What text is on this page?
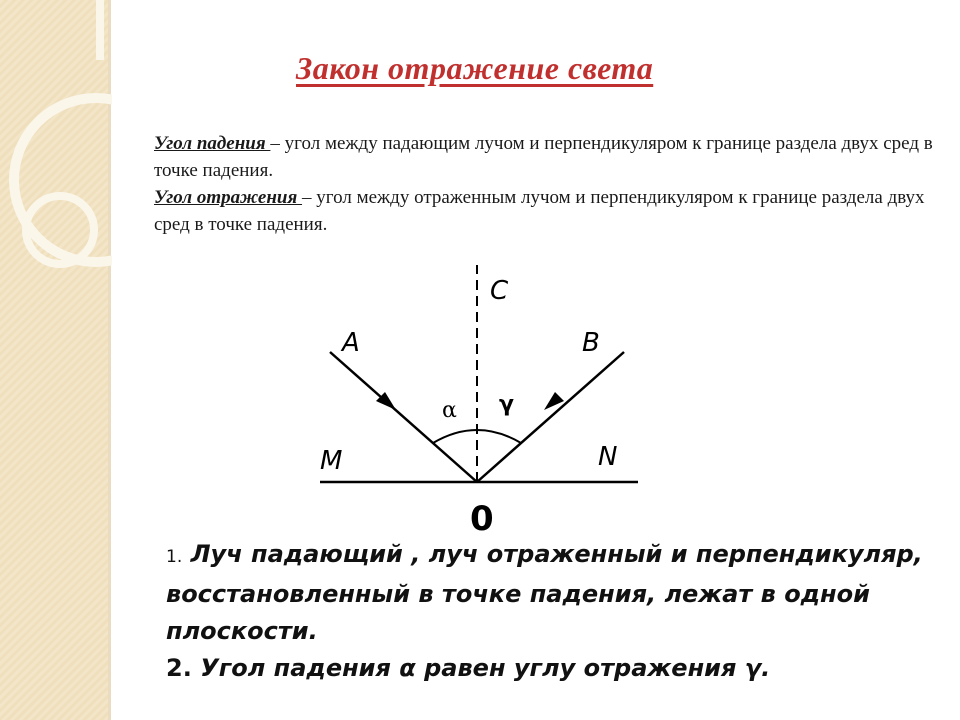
Закон отражение света

Угол падения – угол между падающим лучом и перпендикуляром к границе раздела двух сред в точке падения.

Угол отражения – угол между отраженным лучом и перпендикуляром к границе раздела двух сред в точке падения.

A	B
C
M	N
α γ
0

1. Луч падающий , луч отраженный и перпендикуляр, восстановленный в точке падения, лежат в одной плоскости.

2. Угол падения α равен углу отражения γ.
